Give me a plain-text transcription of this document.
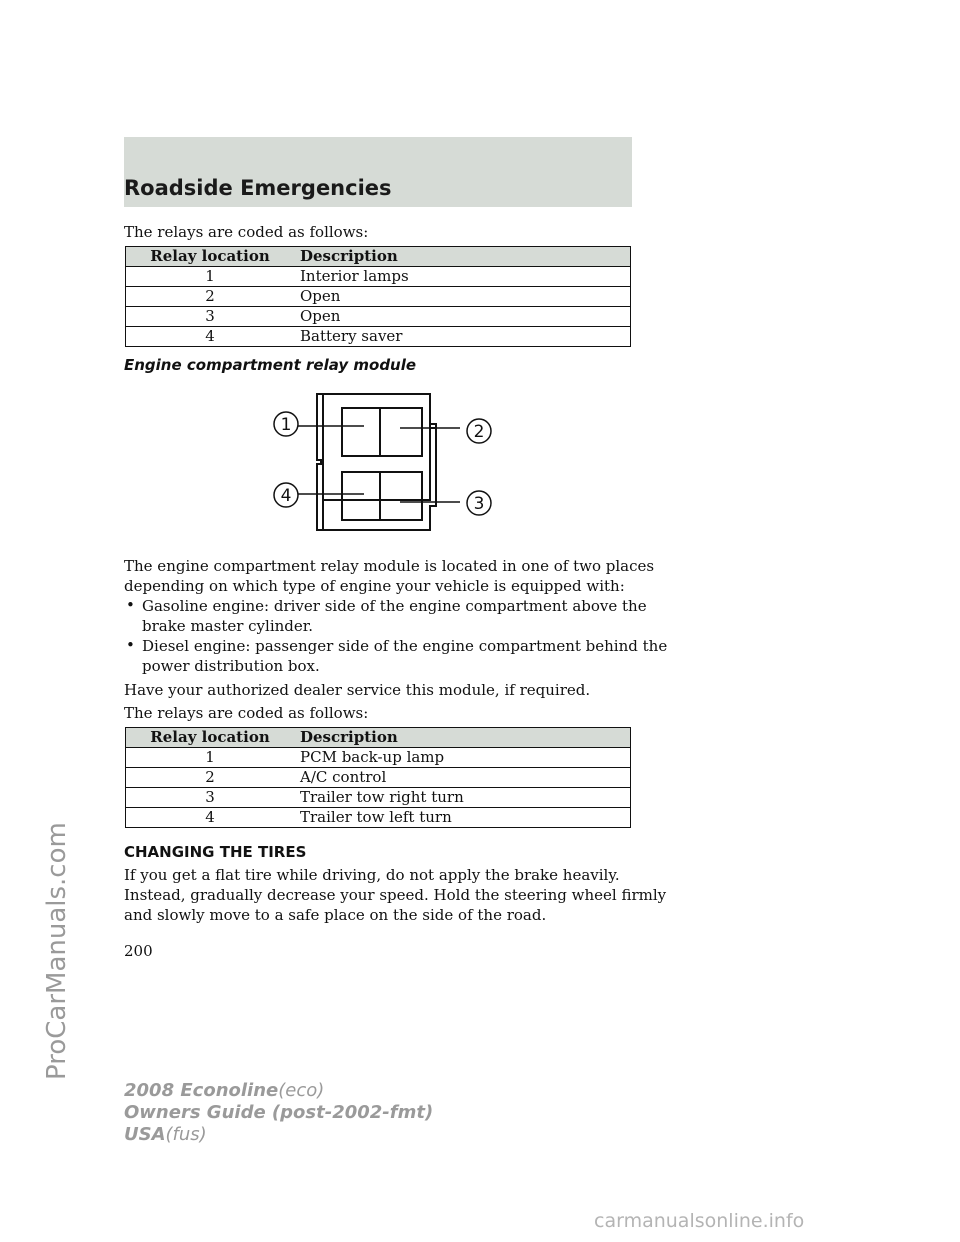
Roadside Emergencies
ProCarManuals.com
The relays are coded as follows:
Relay location	Description
1	Interior lamps
2	Open
3	Open
4	Battery saver
Engine compartment relay module
1	2
3
4
The engine compartment relay module is located in one of two places
depending on which type of engine your vehicle is equipped with:
• Gasoline engine: driver side of the engine compartment above the
brake master cylinder.
• Diesel engine: passenger side of the engine compartment behind the
power distribution box.
Have your authorized dealer service this module, if required.
The relays are coded as follows:
Relay location	Description
1	PCM back-up lamp
2	A/C control
3	Trailer tow right turn
4	Trailer tow left turn
CHANGING THE TIRES
If you get a flat tire while driving, do not apply the brake heavily.
Instead, gradually decrease your speed. Hold the steering wheel firmly
and slowly move to a safe place on the side of the road.
200
2008 Econoline(eco)
Owners Guide (post-2002-fmt)
USA(fus)
carmanualsonline.info
